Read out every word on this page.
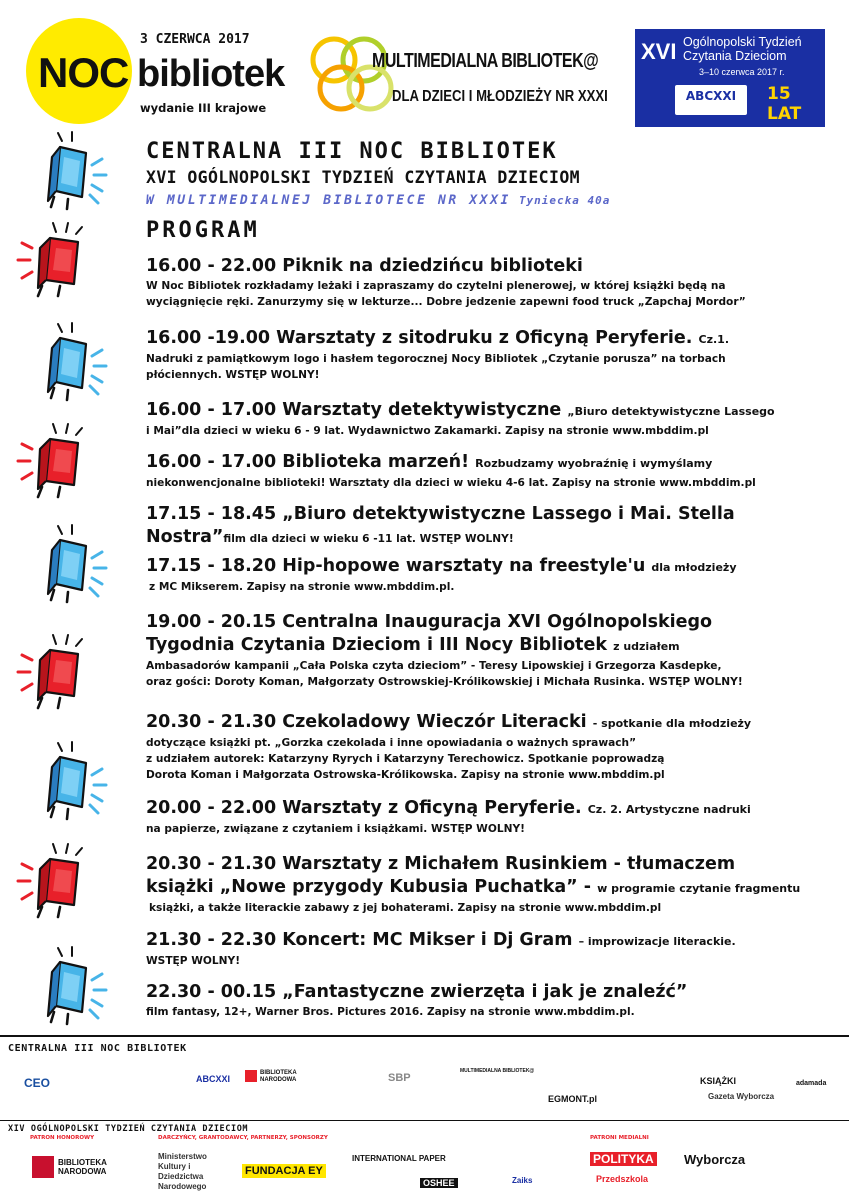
NOC
3 CZERWCA 2017
bibliotek
wydanie III krajowe
MULTIMEDIALNA BIBLIOTEK@
DLA DZIECI I MŁODZIEŻY NR XXXI
XVI Ogólnopolski Tydzień
Czytania Dzieciom
3–10 czerwca 2017 r.
ABCXXI	15 LAT
CENTRALNA III NOC BIBLIOTEK
XVI OGÓLNOPOLSKI TYDZIEŃ CZYTANIA DZIECIOM
W MULTIMEDIALNEJ BIBLIOTECE NR XXXI Tyniecka 40a
PROGRAM
16.00 - 22.00 Piknik na dziedzińcu biblioteki
W Noc Bibliotek rozkładamy leżaki i zapraszamy do czytelni plenerowej, w której książki będą na
wyciągnięcie ręki. Zanurzymy się w lekturze... Dobre jedzenie zapewni food truck „Zapchaj Mordor”
16.00 -19.00 Warsztaty z sitodruku z Oficyną Peryferie. Cz.1.
Nadruki z pamiątkowym logo i hasłem tegorocznej Nocy Bibliotek „Czytanie porusza” na torbach
płóciennych. WSTĘP WOLNY!
16.00 - 17.00 Warsztaty detektywistyczne „Biuro detektywistyczne Lassego
i Mai”dla dzieci w wieku 6 - 9 lat. Wydawnictwo Zakamarki. Zapisy na stronie www.mbddim.pl
16.00 - 17.00 Biblioteka marzeń! Rozbudzamy wyobraźnię i wymyślamy
niekonwencjonalne biblioteki! Warsztaty dla dzieci w wieku 4-6 lat. Zapisy na stronie www.mbddim.pl
17.15 - 18.45 „Biuro detektywistyczne Lassego i Mai. Stella
Nostra”film dla dzieci w wieku 6 -11 lat. WSTĘP WOLNY!
17.15 - 18.20 Hip-hopowe warsztaty na freestyle'u dla młodzieży
z MC Mikserem. Zapisy na stronie www.mbddim.pl.
19.00 - 20.15 Centralna Inauguracja XVI Ogólnopolskiego
Tygodnia Czytania Dzieciom i III Nocy Bibliotek z udziałem
Ambasadorów kampanii „Cała Polska czyta dzieciom” - Teresy Lipowskiej i Grzegorza Kasdepke,
oraz gości: Doroty Koman, Małgorzaty Ostrowskiej-Królikowskiej i Michała Rusinka. WSTĘP WOLNY!
20.30 - 21.30 Czekoladowy Wieczór Literacki - spotkanie dla młodzieży
dotyczące książki pt. „Gorzka czekolada i inne opowiadania o ważnych sprawach”
z udziałem autorek: Katarzyny Ryrych i Katarzyny Terechowicz. Spotkanie poprowadzą
Dorota Koman i Małgorzata Ostrowska-Królikowska. Zapisy na stronie www.mbddim.pl
20.00 - 22.00 Warsztaty z Oficyną Peryferie. Cz. 2. Artystyczne nadruki
na papierze, związane z czytaniem i książkami. WSTĘP WOLNY!
20.30 - 21.30 Warsztaty z Michałem Rusinkiem - tłumaczem
książki „Nowe przygody Kubusia Puchatka” - w programie czytanie fragmentu
książki, a także literackie zabawy z jej bohaterami. Zapisy na stronie www.mbddim.pl
21.30 - 22.30 Koncert: MC Mikser i Dj Gram – improwizacje literackie.
WSTĘP WOLNY!
22.30 - 00.15 „Fantastyczne zwierzęta i jak je znaleźć”
film fantasy, 12+, Warner Bros. Pictures 2016. Zapisy na stronie www.mbddim.pl.
CENTRALNA III NOC BIBLIOTEK
CEO	ABCXXI
BIBLIOTEKA NARODOWA	SBP
MULTIMEDIALNA BIBLIOTEK@
EGMONT.pl
KSIĄŻKI
Gazeta Wyborcza
adamada
XIV OGÓLNOPOLSKI TYDZIEŃ CZYTANIA DZIECIOM
PATRON HONOROWY	DARCZYŃCY, GRANTODAWCY, PARTNERZY, SPONSORZY	PATRONI MEDIALNI
BIBLIOTEKA NARODOWA
Ministerstwo Kultury i Dziedzictwa Narodowego
FUNDACJA EY
INTERNATIONAL PAPER
OSHEE
POLITYKA
Przedszkola
Wyborcza
Zaiks
